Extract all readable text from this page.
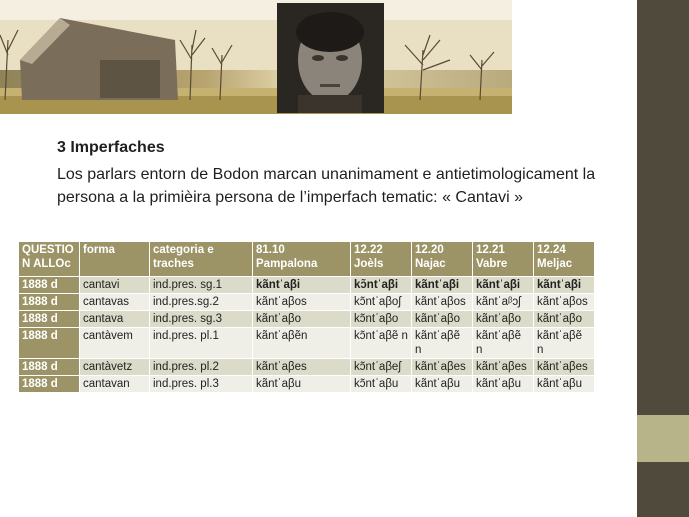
3 Imperfaches
Los parlars entorn de Bodon marcan unanimament e antietimologicament la persona a la primièira persona de l’imperfach tematic: « Cantavi »
QUESTIO N ALLOc	forma	categoria e traches	81.10 Pampalona	12.22 Joèls	12.20 Najac	12.21 Vabre	12.24 Meljac
1888 d	cantavi	ind.pres. sg.1	kãntˈaβi	kɔ̃ntˈaβi	kãntˈaβi	kãntˈaβi	kãntˈaβi
1888 d	cantavas	ind.pres.sg.2	kãntˈaβos	kɔ̃ntˈaβoʃ	kãntˈaβos	kãntˈaᵝɔʃ	kãntˈaβos
1888 d	cantava	ind.pres. sg.3	kãntˈaβo	kɔ̃ntˈaβo	kãntˈaβo	kãntˈaβo	kãntˈaβo
1888 d	cantàvem	ind.pres. pl.1	kãntˈaβẽn	kɔ̃ntˈaβẽ n	kãntˈaβẽ n	kãntˈaβẽ n	kãntˈaβẽ n
1888 d	cantàvetz	ind.pres. pl.2	kãntˈaβes	kɔ̃ntˈaβeʃ	kãntˈaβes	kãntˈaβes	kãntˈaβes
1888 d	cantavan	ind.pres. pl.3	kãntˈaβu	kɔ̃ntˈaβu	kãntˈaβu	kãntˈaβu	kãntˈaβu
